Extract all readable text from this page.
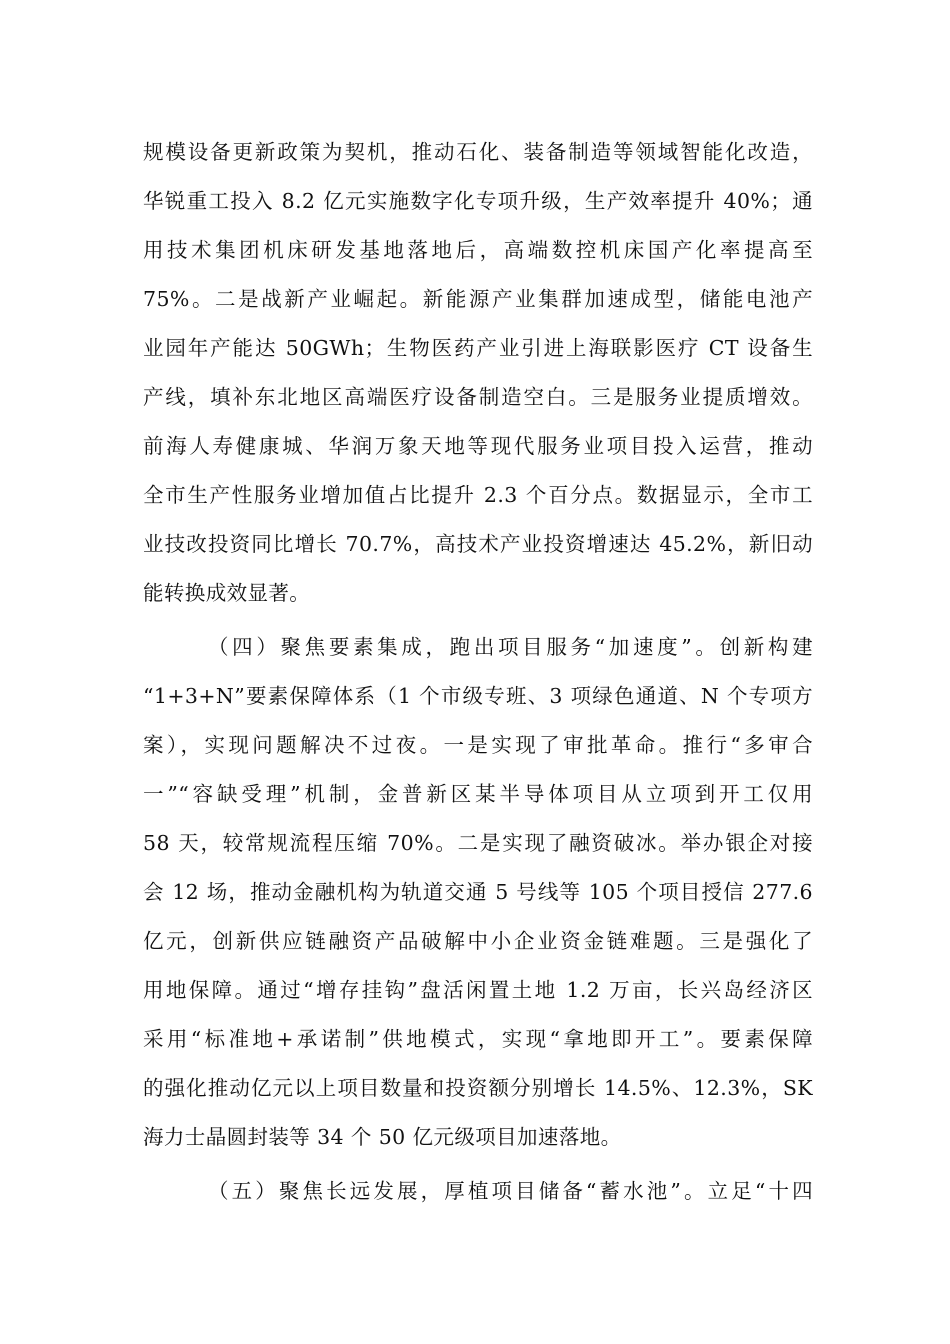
规模设备更新政策为契机，推动石化、装备制造等领域智能化改造，
华锐重工投入 8.2 亿元实施数字化专项升级，生产效率提升 40%；通
用技术集团机床研发基地落地后，高端数控机床国产化率提高至
75%。二是战新产业崛起。新能源产业集群加速成型，储能电池产
业园年产能达 50GWh；生物医药产业引进上海联影医疗 CT 设备生
产线，填补东北地区高端医疗设备制造空白。三是服务业提质增效。
前海人寿健康城、华润万象天地等现代服务业项目投入运营，推动
全市生产性服务业增加值占比提升 2.3 个百分点。数据显示，全市工
业技改投资同比增长 70.7%，高技术产业投资增速达 45.2%，新旧动
能转换成效显著。
（四）聚焦要素集成，跑出项目服务“加速度”。创新构建
“1+3+N”要素保障体系（1 个市级专班、3 项绿色通道、N 个专项方
案），实现问题解决不过夜。一是实现了审批革命。推行“多审合
一”“容缺受理”机制，金普新区某半导体项目从立项到开工仅用
58 天，较常规流程压缩 70%。二是实现了融资破冰。举办银企对接
会 12 场，推动金融机构为轨道交通 5 号线等 105 个项目授信 277.6
亿元，创新供应链融资产品破解中小企业资金链难题。三是强化了
用地保障。通过“增存挂钩”盘活闲置土地 1.2 万亩，长兴岛经济区
采用“标准地+承诺制”供地模式，实现“拿地即开工”。要素保障
的强化推动亿元以上项目数量和投资额分别增长 14.5%、12.3%，SK
海力士晶圆封装等 34 个 50 亿元级项目加速落地。
（五）聚焦长远发展，厚植项目储备“蓄水池”。立足“十四
